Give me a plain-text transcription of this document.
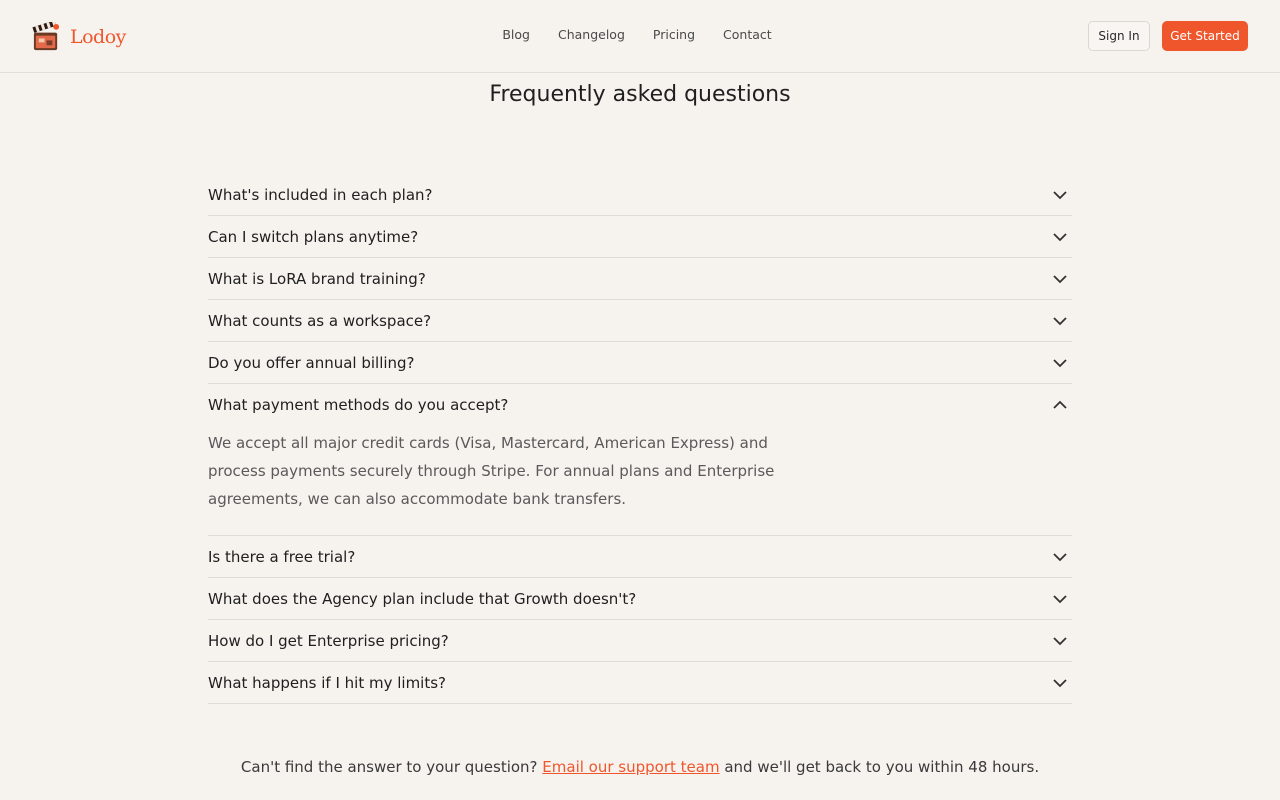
Lodoy	Blog Changelog Pricing Contact	Sign In	Get Started
Frequently asked questions
What's included in each plan?
Can I switch plans anytime?
What is LoRA brand training?
What counts as a workspace?
Do you offer annual billing?
What payment methods do you accept?

We accept all major credit cards (Visa, Mastercard, American Express) and process payments securely through Stripe. For annual plans and Enterprise agreements, we can also accommodate bank transfers.

Is there a free trial?
What does the Agency plan include that Growth doesn't?
How do I get Enterprise pricing?
What happens if I hit my limits?

Can't find the answer to your question? Email our support team and we'll get back to you within 48 hours.
